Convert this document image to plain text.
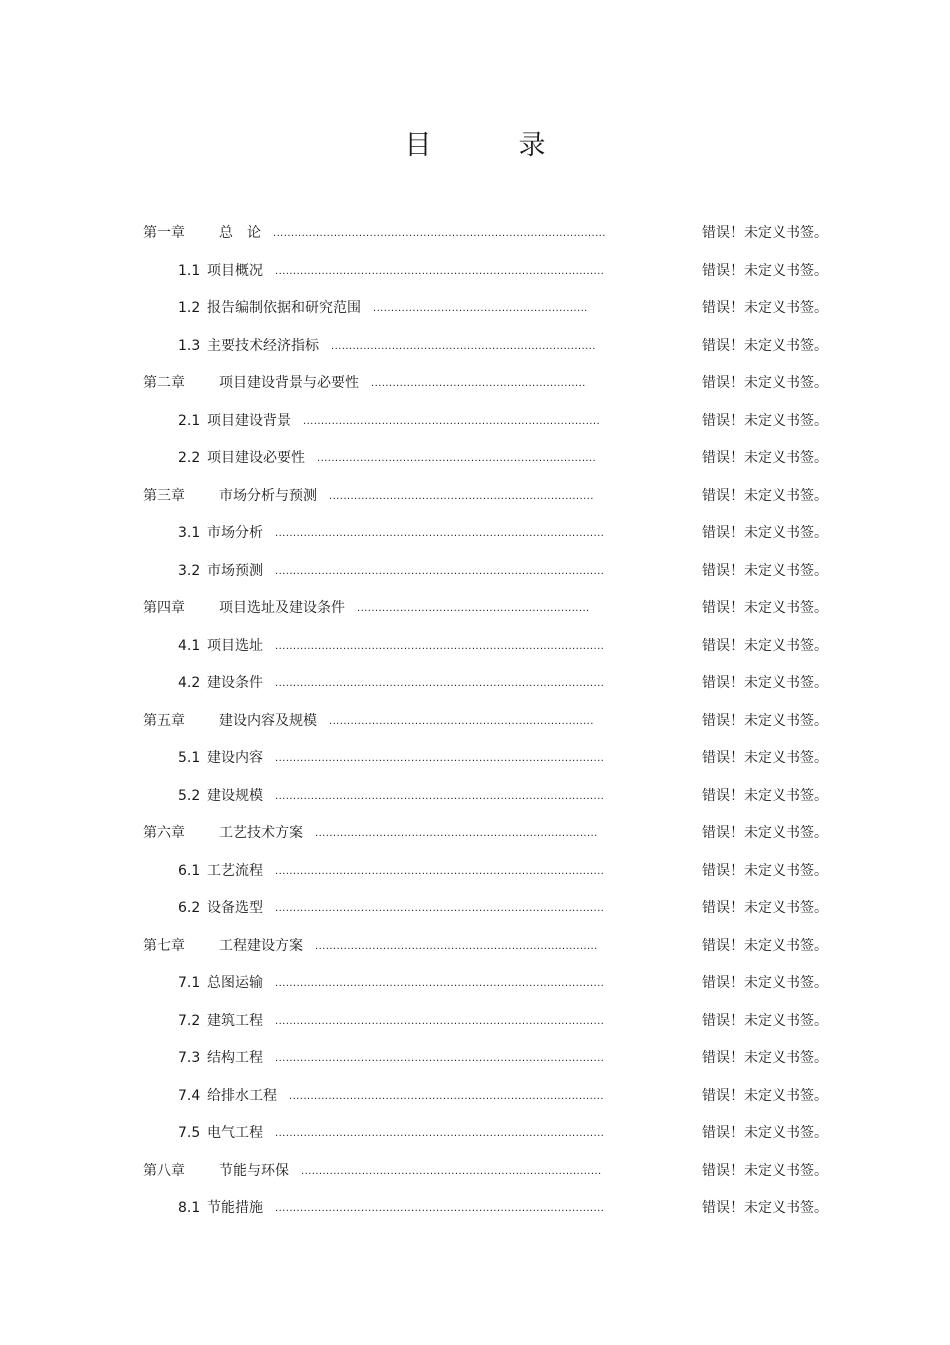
目　录
第一章 总　论 .............................................................................................	错误！未定义书签。
1.1 项目概况 ............................................................................................	错误！未定义书签。
1.2 报告编制依据和研究范围 ............................................................	错误！未定义书签。
1.3 主要技术经济指标 ..........................................................................	错误！未定义书签。
第二章 项目建设背景与必要性 ............................................................	错误！未定义书签。
2.1 项目建设背景 ...................................................................................	错误！未定义书签。
2.2 项目建设必要性 ..............................................................................	错误！未定义书签。
第三章 市场分析与预测 ..........................................................................	错误！未定义书签。
3.1 市场分析 ............................................................................................	错误！未定义书签。
3.2 市场预测 ............................................................................................	错误！未定义书签。
第四章 项目选址及建设条件 .................................................................	错误！未定义书签。
4.1 项目选址 ............................................................................................	错误！未定义书签。
4.2 建设条件 ............................................................................................	错误！未定义书签。
第五章 建设内容及规模 ..........................................................................	错误！未定义书签。
5.1 建设内容 ............................................................................................	错误！未定义书签。
5.2 建设规模 ............................................................................................	错误！未定义书签。
第六章 工艺技术方案 ...............................................................................	错误！未定义书签。
6.1 工艺流程 ............................................................................................	错误！未定义书签。
6.2 设备选型 ............................................................................................	错误！未定义书签。
第七章 工程建设方案 ...............................................................................	错误！未定义书签。
7.1 总图运输 ............................................................................................	错误！未定义书签。
7.2 建筑工程 ............................................................................................	错误！未定义书签。
7.3 结构工程 ............................................................................................	错误！未定义书签。
7.4 给排水工程 ........................................................................................	错误！未定义书签。
7.5 电气工程 ............................................................................................	错误！未定义书签。
第八章 节能与环保 ....................................................................................	错误！未定义书签。
8.1 节能措施 ............................................................................................	错误！未定义书签。
